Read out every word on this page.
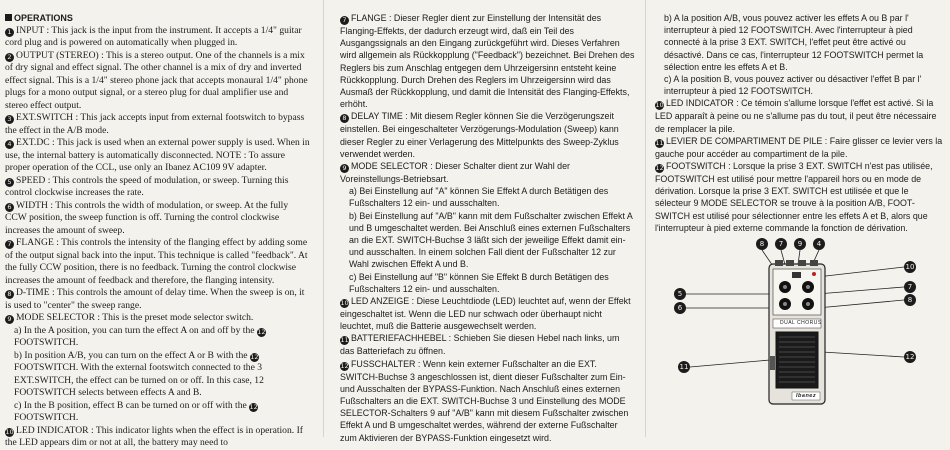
OPERATIONS

1 INPUT : This jack is the input from the instrument. It accepts a 1/4" guitar cord plug and is powered on automatically when plugged in.

2 OUTPUT (STEREO) : This is a stereo output. One of the channels is a mix of dry signal and effect signal. The other channel is a mix of dry and inverted effect signal. This is a 1/4" stereo phone jack that accepts monaural 1/4" phone plugs for a mono output signal, or a stereo plug for dual amplifier use and stereo effect output.

3 EXT.SWITCH : This jack accepts input from external footswitch to bypass the effect in the A/B mode.

4 EXT.DC : This jack is used when an external power supply is used. When in use, the internal battery is automatically disconnected. NOTE : To assure proper operation of the CCL, use only an Ibanez AC109 9V adapter.

5 SPEED : This controls the speed of modulation, or sweep. Turning this control clockwise increases the rate.

6 WIDTH : This controls the width of modulation, or sweep. At the fully CCW position, the sweep function is off. Turning the control clockwise increases the amount of sweep.

7 FLANGE : This controls the intensity of the flanging effect by adding some of the output signal back into the input. This technique is called "feedback". At the fully CCW position, there is no feedback. Turning the control clockwise increases the amount of feedback and therefore, the flanging intensity.

8 D-TIME : This controls the amount of delay time. When the sweep is on, it is used to "center" the sweep range.

9 MODE SELECTOR : This is the preset mode selector switch.

a) In the A position, you can turn the effect A on and off by the 12FOOTSWITCH.

b) In position A/B, you can turn on the effect A or B with the 12FOOTSWITCH. With the external footswitch connected to the 3 EXT.SWITCH, the effect can be turned on or off. In this case, 12 FOOTSWITCH selects between effects A and B.

c) In the B position, effect B can be turned on or off with the 12FOOTSWITCH.

10 LED INDICATOR : This indicator lights when the effect is in operation. If the LED appears dim or not at all, the battery may need to

7 FLANGE : Dieser Regler dient zur Einstellung der Intensität des Flanging-Effekts, der dadurch erzeugt wird, daß ein Teil des Ausgangssignals an den Eingang zurückgeführt wird. Dieses Verfahren wird allgemein als Rückkopplung ("Feedback") bezeichnet. Bei Drehen des Reglers bis zum Anschlag entgegen dem Uhrzeigersinn entsteht keine Rückkopplung. Durch Drehen des Reglers im Uhrzeigersinn wird das Ausmaß der Rückkopplung, und damit die Intensität des Flanging-Effekts, erhöht.

8 DELAY TIME : Mit diesem Regler können Sie die Verzögerungszeit einstellen. Bei eingeschalteter Verzögerungs-Modulation (Sweep) kann dieser Regler zu einer Verlagerung des Mittelpunkts des Sweep-Zyklus verwendet werden.

9 MODE SELECTOR : Dieser Schalter dient zur Wahl der Voreinstellungs-Betriebsart.

a) Bei Einstellung auf "A" können Sie Effekt A durch Betätigen des Fußschalters 12 ein- und ausschalten.

b) Bei Einstellung auf "A/B" kann mit dem Fußschalter zwischen Effekt A und B umgeschaltet werden. Bei Anschluß eines externen Fußschalters an die EXT. SWITCH-Buchse 3 läßt sich der jeweilige Effekt damit ein- und ausschalten. In einem solchen Fall dient der Fußschalter 12 zur Wahl zwischen Effekt A und B.

c) Bei Einstellung auf "B" können Sie Effekt B durch Betätigen des Fußschalters 12 ein- und ausschalten.

10 LED ANZEIGE : Diese Leuchtdiode (LED) leuchtet auf, wenn der Effekt eingeschaltet ist. Wenn die LED nur schwach oder überhaupt nicht leuchtet, muß die Batterie ausgewechselt werden.

11 BATTERIEFACHHEBEL : Schieben Sie diesen Hebel nach links, um das Batteriefach zu öffnen.

12 FUSSCHALTER : Wenn kein externer Fußschalter an die EXT. SWITCH-Buchse 3 angeschlossen ist, dient dieser Fußschalter zum Ein- und Ausschalten der BYPASS-Funktion. Nach Anschluß eines externen Fußschalters an die EXT. SWITCH-Buchse 3 und Einstellung des MODE SELECTOR-Schalters 9 auf "A/B" kann mit diesem Fußschalter zwischen Effekt A und B umgeschaltet werdes, während der externe Fußschalter zum Aktivieren der BYPASS-Funktion eingesetzt wird.

b) A la position A/B, vous pouvez activer les effets A ou B par l' interrupteur à pied 12 FOOTSWITCH. Avec l'interrupteur à pied connecté à la prise 3 EXT. SWITCH, l'effet peut être activé ou désactivé. Dans ce cas, l'interrupteur 12 FOOTSWITCH permet la sélection entre les effets A et B.

c) A la position B, vous pouvez activer ou désactiver l'effet B par l' interrupteur à pied 12 FOOTSWITCH.

10 LED INDICATOR : Ce témoin s'allume lorsque l'effet est activé. Si la LED apparaît à peine ou ne s'allume pas du tout, il peut être nécessaire de remplacer la pile.

11 LEVIER DE COMPARTIMENT DE PILE : Faire glisser ce levier vers la gauche pour accéder au compartiment de la pile.

12 FOOTSWITCH : Lorsque la prise 3 EXT. SWITCH n'est pas utilisée, FOOTSWITCH est utilisé pour mettre l'appareil hors ou en mode de dérivation. Lorsque la prise 3 EXT. SWITCH est utilisée et que le sélecteur 9 MODE SELECTOR se trouve à la position A/B, FOOT-SWITCH est utilisé pour sélectionner entre les effets A et B, alors que l'interrupteur à pied externe commande la fonction de dérivation.

DUAL CHORUS
Ibanez
8	7	9	4
10
7
8
5
6
11
12
